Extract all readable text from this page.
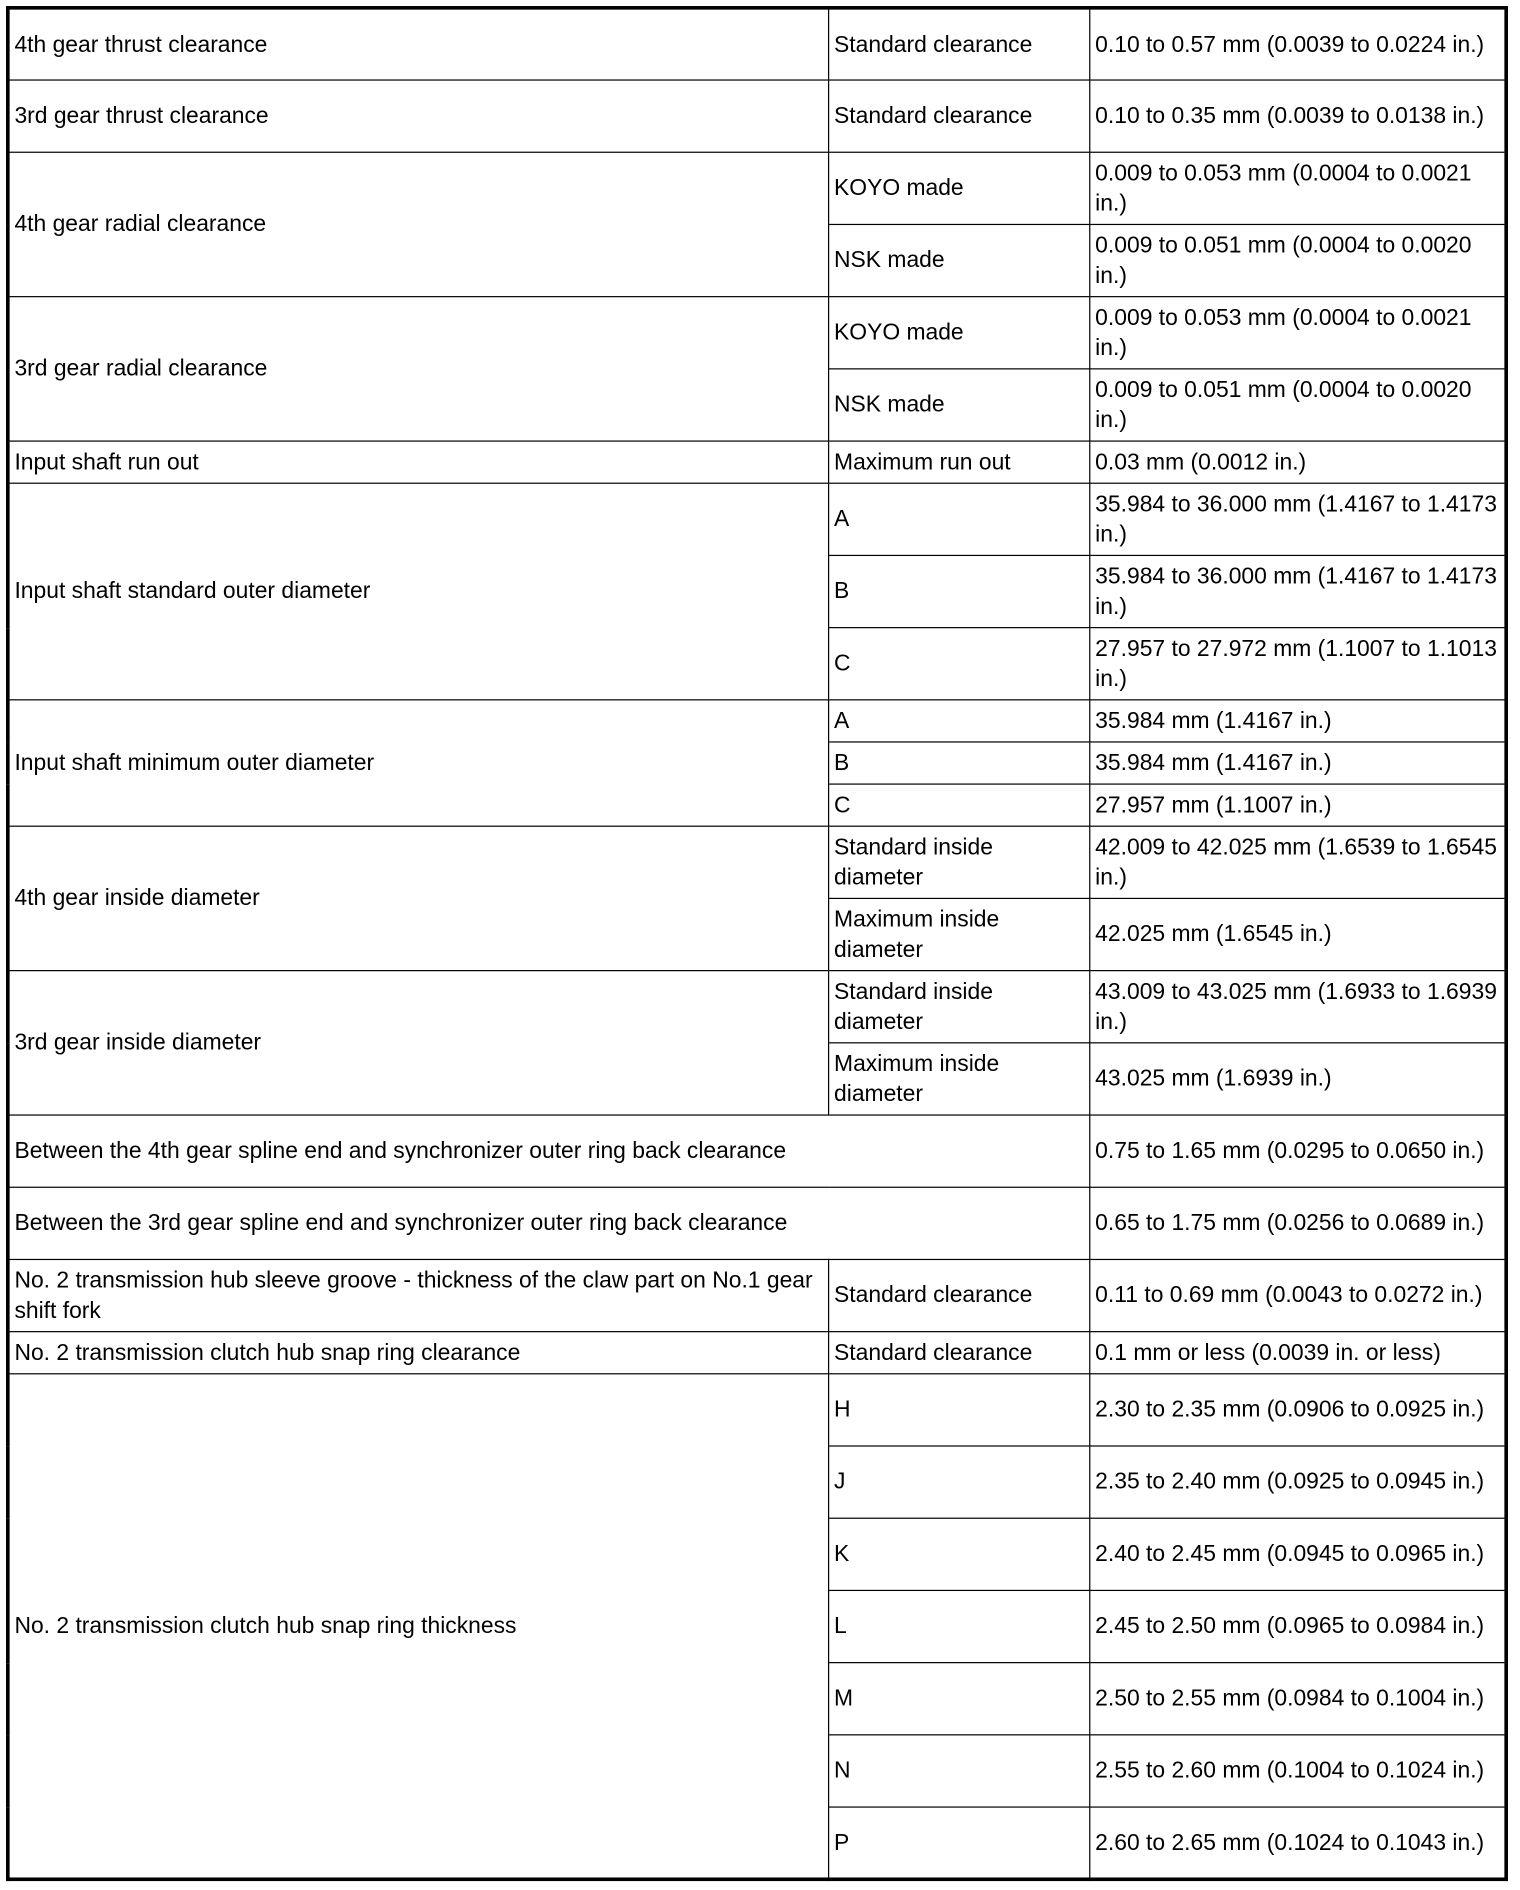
4th gear thrust clearance	Standard clearance	0.10 to 0.57 mm (0.0039 to 0.0224 in.)
3rd gear thrust clearance	Standard clearance	0.10 to 0.35 mm (0.0039 to 0.0138 in.)
4th gear radial clearance	KOYO made	0.009 to 0.053 mm (0.0004 to 0.0021 in.)
	NSK made	0.009 to 0.051 mm (0.0004 to 0.0020 in.)
3rd gear radial clearance	KOYO made	0.009 to 0.053 mm (0.0004 to 0.0021 in.)
	NSK made	0.009 to 0.051 mm (0.0004 to 0.0020 in.)
Input shaft run out	Maximum run out	0.03 mm (0.0012 in.)
Input shaft standard outer diameter	A	35.984 to 36.000 mm (1.4167 to 1.4173 in.)
	B	35.984 to 36.000 mm (1.4167 to 1.4173 in.)
	C	27.957 to 27.972 mm (1.1007 to 1.1013 in.)
Input shaft minimum outer diameter	A	35.984 mm (1.4167 in.)
	B	35.984 mm (1.4167 in.)
	C	27.957 mm (1.1007 in.)
4th gear inside diameter	Standard inside diameter	42.009 to 42.025 mm (1.6539 to 1.6545 in.)
	Maximum inside diameter	42.025 mm (1.6545 in.)
3rd gear inside diameter	Standard inside diameter	43.009 to 43.025 mm (1.6933 to 1.6939 in.)
	Maximum inside diameter	43.025 mm (1.6939 in.)
Between the 4th gear spline end and synchronizer outer ring back clearance		0.75 to 1.65 mm (0.0295 to 0.0650 in.)
Between the 3rd gear spline end and synchronizer outer ring back clearance		0.65 to 1.75 mm (0.0256 to 0.0689 in.)
No. 2 transmission hub sleeve groove - thickness of the claw part on No.1 gear shift fork	Standard clearance	0.11 to 0.69 mm (0.0043 to 0.0272 in.)
No. 2 transmission clutch hub snap ring clearance	Standard clearance	0.1 mm or less (0.0039 in. or less)
No. 2 transmission clutch hub snap ring thickness	H	2.30 to 2.35 mm (0.0906 to 0.0925 in.)
	J	2.35 to 2.40 mm (0.0925 to 0.0945 in.)
	K	2.40 to 2.45 mm (0.0945 to 0.0965 in.)
	L	2.45 to 2.50 mm (0.0965 to 0.0984 in.)
	M	2.50 to 2.55 mm (0.0984 to 0.1004 in.)
	N	2.55 to 2.60 mm (0.1004 to 0.1024 in.)
	P	2.60 to 2.65 mm (0.1024 to 0.1043 in.)
